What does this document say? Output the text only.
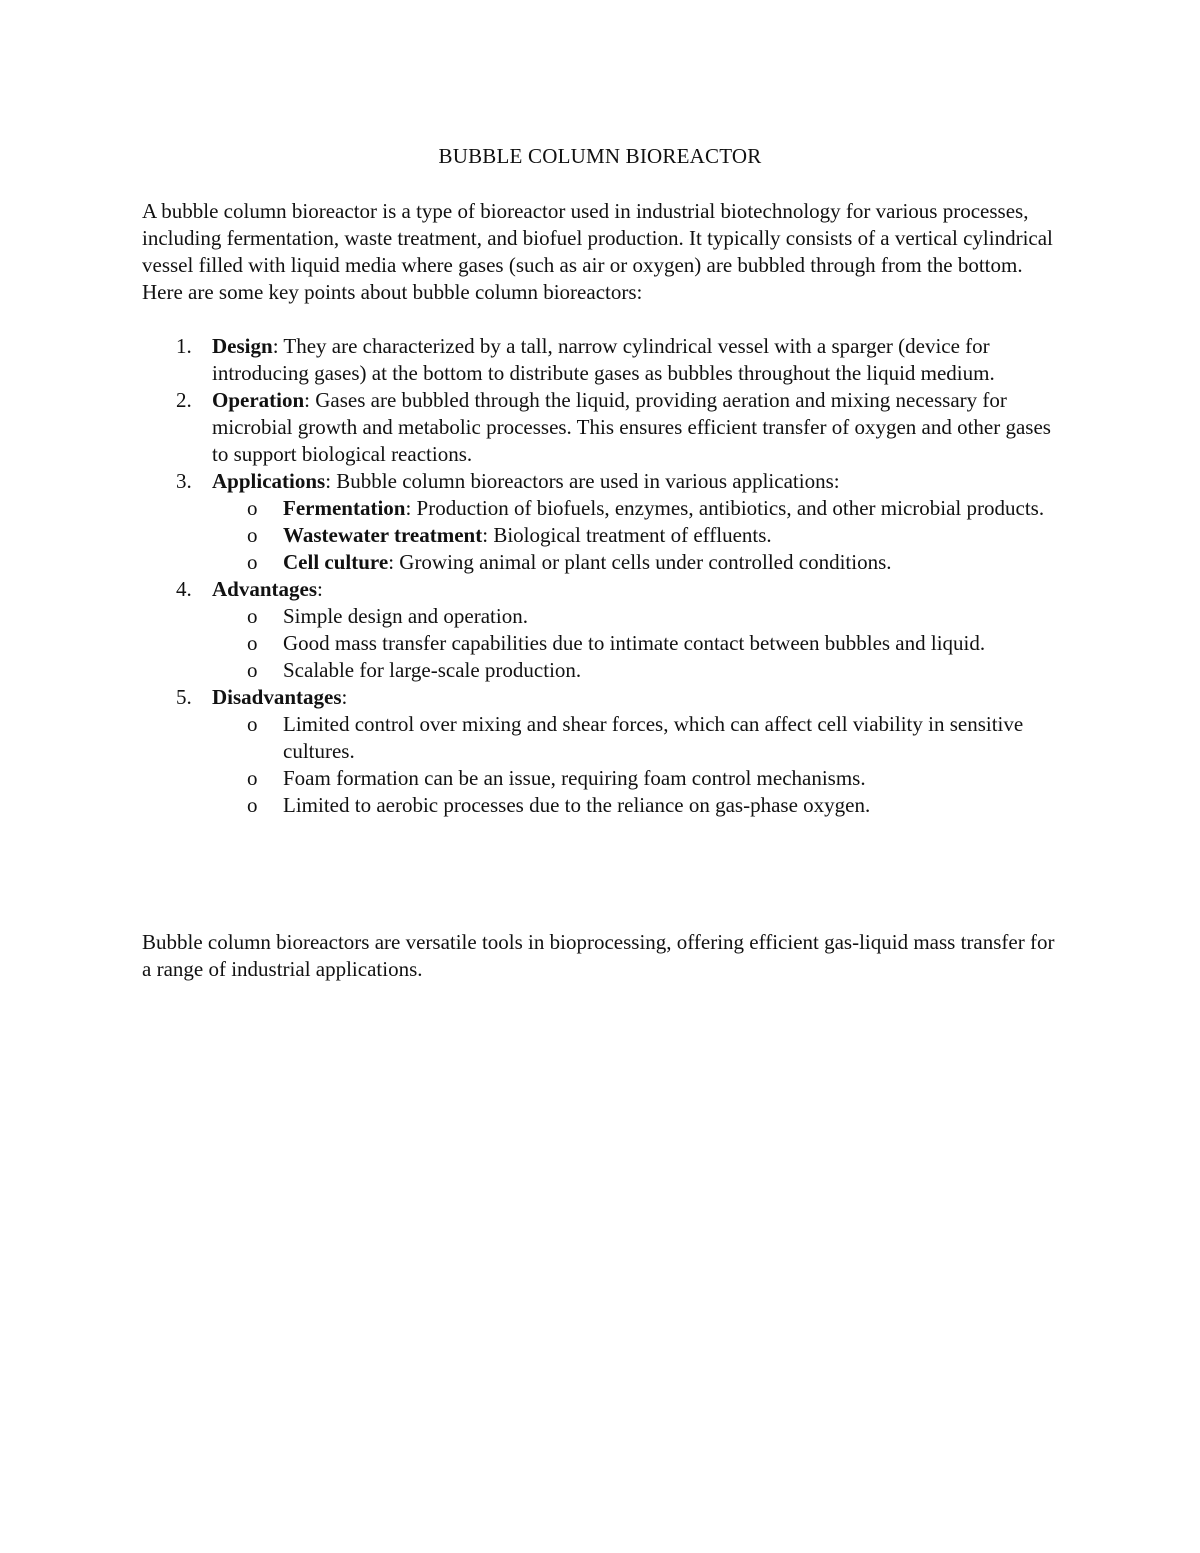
BUBBLE COLUMN BIOREACTOR

A bubble column bioreactor is a type of bioreactor used in industrial biotechnology for various processes, including fermentation, waste treatment, and biofuel production. It typically consists of a vertical cylindrical vessel filled with liquid media where gases (such as air or oxygen) are bubbled through from the bottom. Here are some key points about bubble column bioreactors:

1. Design: They are characterized by a tall, narrow cylindrical vessel with a sparger (device for introducing gases) at the bottom to distribute gases as bubbles throughout the liquid medium.
2. Operation: Gases are bubbled through the liquid, providing aeration and mixing necessary for microbial growth and metabolic processes. This ensures efficient transfer of oxygen and other gases to support biological reactions.
3. Applications: Bubble column bioreactors are used in various applications:
o Fermentation: Production of biofuels, enzymes, antibiotics, and other microbial products.
o Wastewater treatment: Biological treatment of effluents.
o Cell culture: Growing animal or plant cells under controlled conditions.
4. Advantages:
o Simple design and operation.
o Good mass transfer capabilities due to intimate contact between bubbles and liquid.
o Scalable for large-scale production.
5. Disadvantages:
o Limited control over mixing and shear forces, which can affect cell viability in sensitive cultures.
o Foam formation can be an issue, requiring foam control mechanisms.
o Limited to aerobic processes due to the reliance on gas-phase oxygen.

Bubble column bioreactors are versatile tools in bioprocessing, offering efficient gas-liquid mass transfer for a range of industrial applications.
